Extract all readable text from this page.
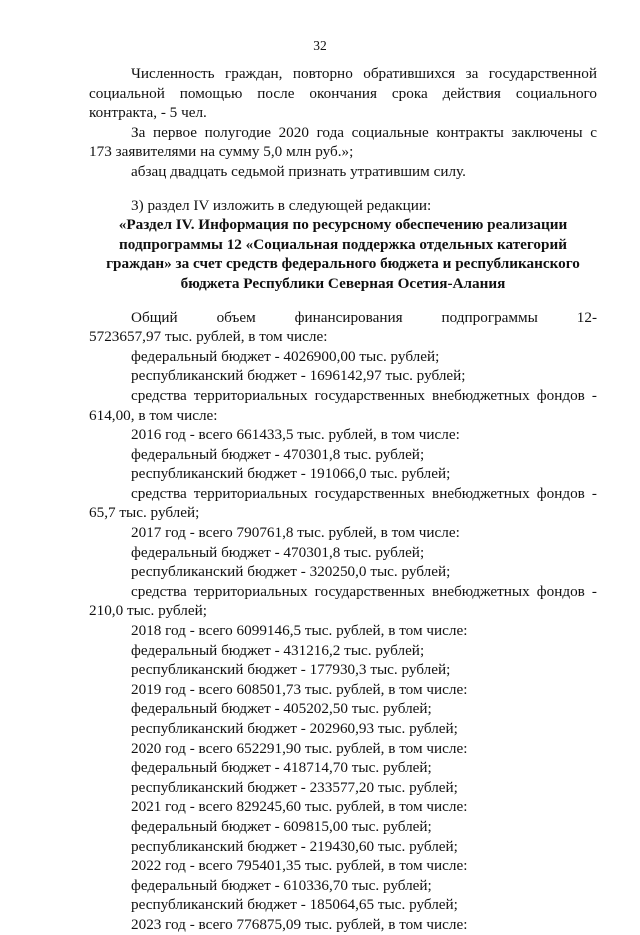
32
Численность граждан, повторно обратившихся за государственной
социальной помощью после окончания срока действия социального
контракта, - 5 чел.
За первое полугодие 2020 года социальные контракты заключены с
173 заявителями на сумму 5,0 млн руб.»;
абзац двадцать седьмой признать утратившим силу.
3) раздел IV изложить в следующей редакции:
«Раздел IV. Информация по ресурсному обеспечению реализации
подпрограммы 12 «Социальная поддержка отдельных категорий
граждан» за счет средств федерального бюджета и республиканского
бюджета Республики Северная Осетия-Алания
Общий объем финансирования подпрограммы 12-
5723657,97 тыс. рублей, в том числе:
федеральный бюджет - 4026900,00 тыс. рублей;
республиканский бюджет - 1696142,97 тыс. рублей;
средства территориальных государственных внебюджетных фондов -
614,00, в том числе:
2016 год - всего 661433,5 тыс. рублей, в том числе:
федеральный бюджет - 470301,8 тыс. рублей;
республиканский бюджет - 191066,0 тыс. рублей;
средства территориальных государственных внебюджетных фондов -
65,7 тыс. рублей;
2017 год - всего 790761,8 тыс. рублей, в том числе:
федеральный бюджет - 470301,8 тыс. рублей;
республиканский бюджет - 320250,0 тыс. рублей;
средства территориальных государственных внебюджетных фондов -
210,0 тыс. рублей;
2018 год - всего 6099146,5 тыс. рублей, в том числе:
федеральный бюджет - 431216,2 тыс. рублей;
республиканский бюджет - 177930,3 тыс. рублей;
2019 год - всего 608501,73 тыс. рублей, в том числе:
федеральный бюджет - 405202,50 тыс. рублей;
республиканский бюджет - 202960,93 тыс. рублей;
2020 год - всего 652291,90 тыс. рублей, в том числе:
федеральный бюджет - 418714,70 тыс. рублей;
республиканский бюджет - 233577,20 тыс. рублей;
2021 год - всего 829245,60 тыс. рублей, в том числе:
федеральный бюджет - 609815,00 тыс. рублей;
республиканский бюджет - 219430,60 тыс. рублей;
2022 год - всего 795401,35 тыс. рублей, в том числе:
федеральный бюджет - 610336,70 тыс. рублей;
республиканский бюджет - 185064,65 тыс. рублей;
2023 год - всего 776875,09 тыс. рублей, в том числе:
